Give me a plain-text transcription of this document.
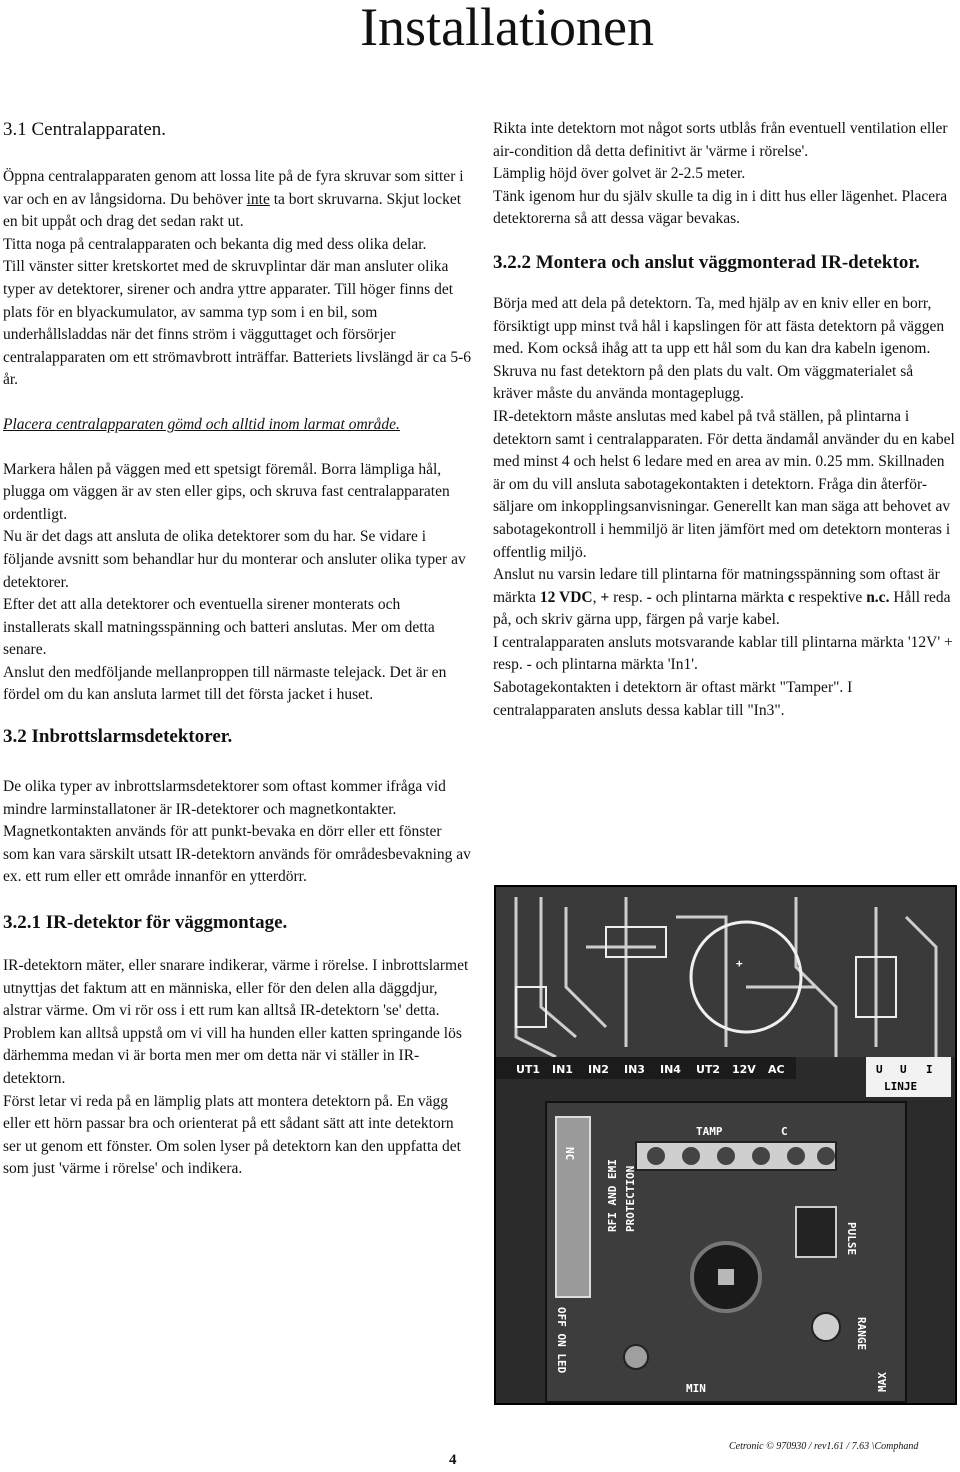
Installationen
3.1 Centralapparaten.

Öppna centralapparaten genom att lossa lite på de fyra skruvar som sitter i var och en av långsidorna. Du behöver inte ta bort skruvarna. Skjut locket en bit uppåt och drag det sedan rakt ut.

Titta noga på centralapparaten och bekanta dig med dess olika delar.

Till vänster sitter kretskortet med de skruvplintar där man ansluter olika typer av detektorer, sirener och andra yttre apparater. Till höger finns det plats för en blyackumulator, av samma typ som i en bil, som underhållsladdas när det finns ström i vägguttaget och försörjer centralapparaten om ett strömavbrott inträffar. Batteriets livslängd är ca 5-6 år.

Placera centralapparaten gömd och alltid inom larmat område.

Markera hålen på väggen med ett spetsigt föremål. Borra lämpliga hål, plugga om väggen är av sten eller gips, och skruva fast centralapparaten ordentligt.

Nu är det dags att ansluta de olika detektorer som du har. Se vidare i följande avsnitt som behandlar hur du monterar och ansluter olika typer av detektorer.

Efter det att alla detektorer och eventuella sirener monterats och installerats skall matningsspänning och batteri anslutas. Mer om detta senare.

Anslut den medföljande mellanproppen till närmaste telejack. Det är en fördel om du kan ansluta larmet till det första jacket i huset.

3.2 Inbrottslarmsdetektorer.

De olika typer av inbrottslarmsdetektorer som oftast kommer ifråga vid mindre larminstallatoner är IR-detektorer och magnetkontakter. Magnetkontakten används för att punkt-bevaka en dörr eller ett fönster som kan vara särskilt utsatt IR-detektorn används för områdesbevakning av ex. ett rum eller ett område innanför en ytterdörr.

3.2.1 IR-detektor för väggmontage.

IR-detektorn mäter, eller snarare indikerar, värme i rörelse. I inbrottslarmet utnyttjas det faktum att en människa, eller för den delen alla däggdjur, alstrar värme. Om vi rör oss i ett rum kan alltså IR-detektorn 'se' detta.

Problem kan alltså uppstå om vi vill ha hunden eller katten springande lös därhemma medan vi är borta men mer om detta när vi ställer in IR-detektorn.

Först letar vi reda på en lämplig plats att montera detektorn på. En vägg eller ett hörn passar bra och orienterat på ett sådant sätt att inte detektorn ser ut genom ett fönster. Om solen lyser på detektorn kan den uppfatta det som just 'värme i rörelse' och indikera.

Rikta inte detektorn mot något sorts utblås från eventuell ventilation eller air-condition då detta definitivt är 'värme i rörelse'.

Lämplig höjd över golvet är 2-2.5 meter.

Tänk igenom hur du själv skulle ta dig in i ditt hus eller lägenhet. Placera detektorerna så att dessa vägar bevakas.

3.2.2 Montera och anslut väggmonterad IR-detektor.

Börja med att dela på detektorn. Ta, med hjälp av en kniv eller en borr, försiktigt upp minst två hål i kapslingen för att fästa detektorn på väggen med. Kom också ihåg att ta upp ett hål som du kan dra kabeln igenom. Skruva nu fast detektorn på den plats du valt. Om väggmaterialet så kräver måste du använda montageplugg.

IR-detektorn måste anslutas med kabel på två ställen, på plintarna i detektorn samt i centralapparaten. För detta ändamål använder du en kabel med minst 4 och helst 6 ledare med en area av min. 0.25 mm. Skillnaden är om du vill ansluta sabotagekontakten i detektorn. Fråga din återför-säljare om inkopplingsanvisningar. Generellt kan man säga att behovet av sabotagekontroll i hemmiljö är liten jämfört med om detektorn monteras i offentlig miljö.

Anslut nu varsin ledare till plintarna för matningsspänning som oftast är märkta 12 VDC, + resp. - och plintarna märkta c respektive n.c. Håll reda på, och skriv gärna upp, färgen på varje kabel.

I centralapparaten ansluts motsvarande kablar till plintarna märkta '12V' + resp. - och plintarna märkta 'In1'.

Sabotagekontakten i detektorn är oftast märkt "Tamper". I centralapparaten ansluts dessa kablar till "In3".

+
UT1 IN1 IN2 IN3 IN4 UT2 12V AC	U U I
LINJE
NC
TAMP	C
RFI AND EMI PROTECTION
PULSE
RANGE
OFF ON LED
MIN	MAX
4
Cetronic © 970930 / rev1.61 / 7.63 \Comphand
